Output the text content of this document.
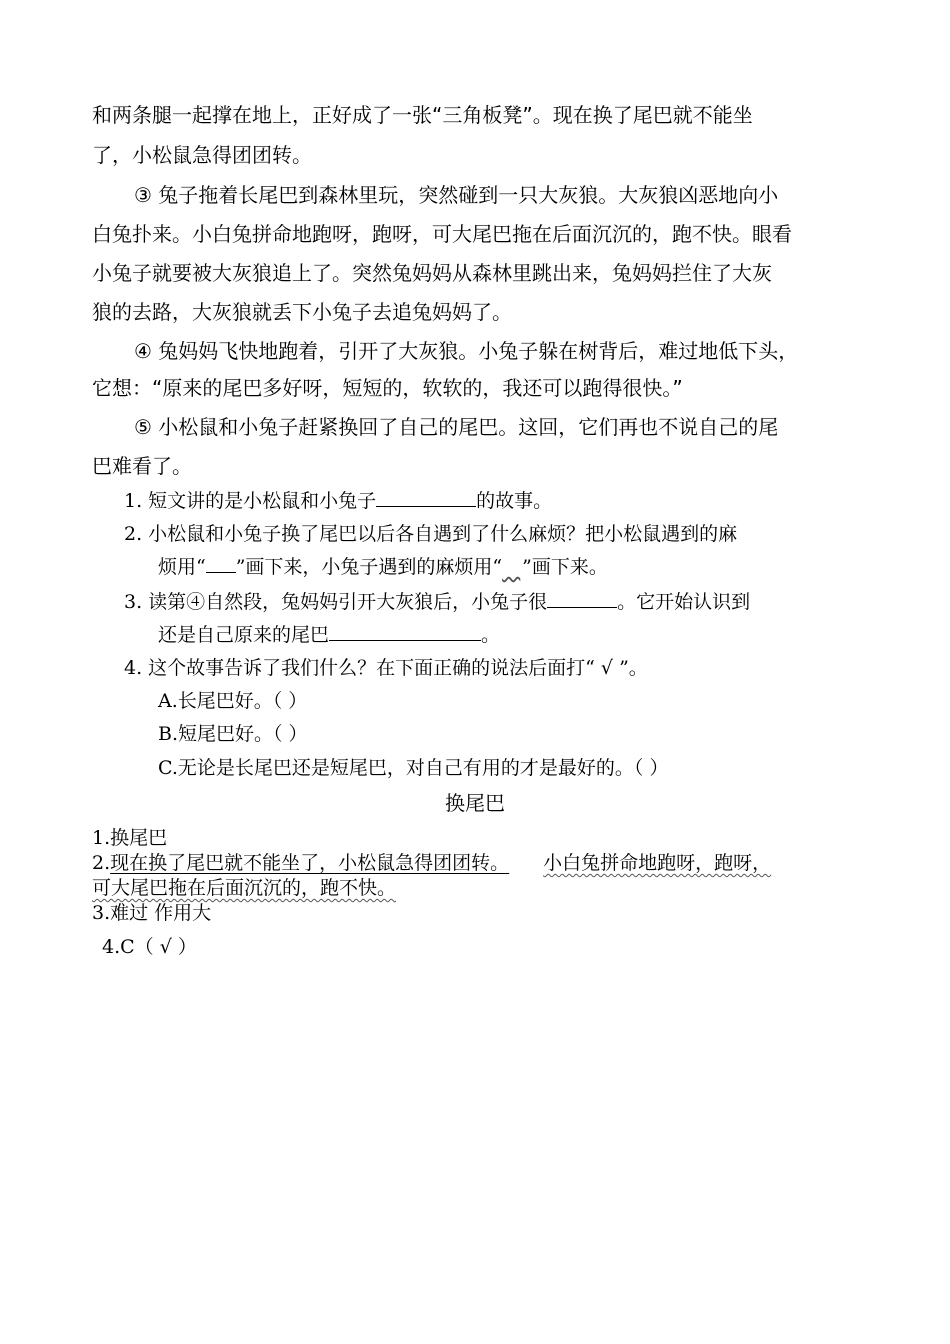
和两条腿一起撑在地上，正好成了一张“三角板凳”。现在换了尾巴就不能坐
了，小松鼠急得团团转。
③ 兔子拖着长尾巴到森林里玩，突然碰到一只大灰狼。大灰狼凶恶地向小
白兔扑来。小白兔拼命地跑呀，跑呀，可大尾巴拖在后面沉沉的，跑不快。眼看
小兔子就要被大灰狼追上了。突然兔妈妈从森林里跳出来，兔妈妈拦住了大灰
狼的去路，大灰狼就丢下小兔子去追兔妈妈了。
④ 兔妈妈飞快地跑着，引开了大灰狼。小兔子躲在树背后，难过地低下头，
它想：“原来的尾巴多好呀，短短的，软软的，我还可以跑得很快。”
⑤ 小松鼠和小兔子赶紧换回了自己的尾巴。这回，它们再也不说自己的尾
巴难看了。
1. 短文讲的是小松鼠和小兔子	的故事。
2. 小松鼠和小兔子换了尾巴以后各自遇到了什么麻烦？把小松鼠遇到的麻
烦用“ ”画下来，小兔子遇到的麻烦用“ ”画下来。
3. 读第④自然段，兔妈妈引开大灰狼后，小兔子很	。它开始认识到
还是自己原来的尾巴	。
4. 这个故事告诉了我们什么？在下面正确的说法后面打“ √ ”。
A.长尾巴好。（ ）
B.短尾巴好。（ ）
C.无论是长尾巴还是短尾巴，对自己有用的才是最好的。（ ）
换尾巴
1.换尾巴
2.现在换了尾巴就不能坐了，小松鼠急得团团转。 小白兔拼命地跑呀，跑呀，
可大尾巴拖在后面沉沉的，跑不快。
3.难过 作用大
4.C（ √ ）
